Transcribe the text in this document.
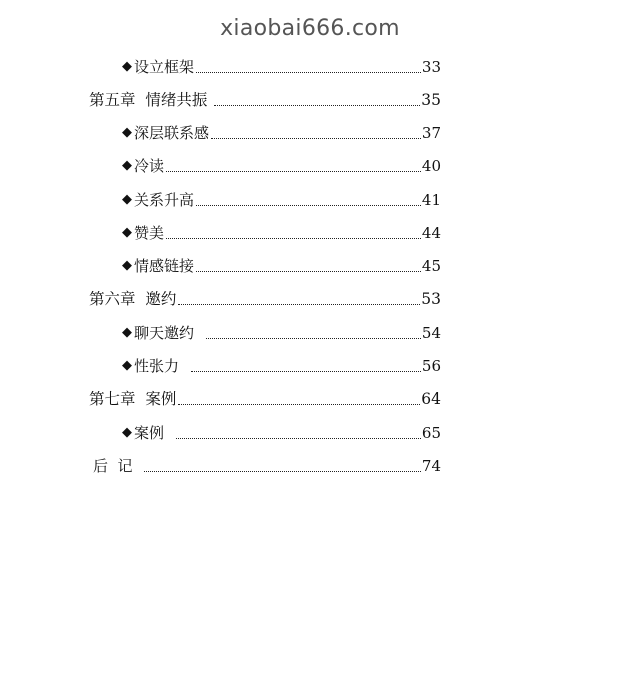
xiaobai666.com
◆ 设立框架	33
第五章  情绪共振	35
◆ 深层联系感	37
◆ 冷读	40
◆ 关系升高	41
◆ 赞美	44
◆ 情感链接	45
第六章  邀约	53
◆ 聊天邀约	54
◆ 性张力	56
第七章  案例	64
◆ 案例	65
后  记	74
